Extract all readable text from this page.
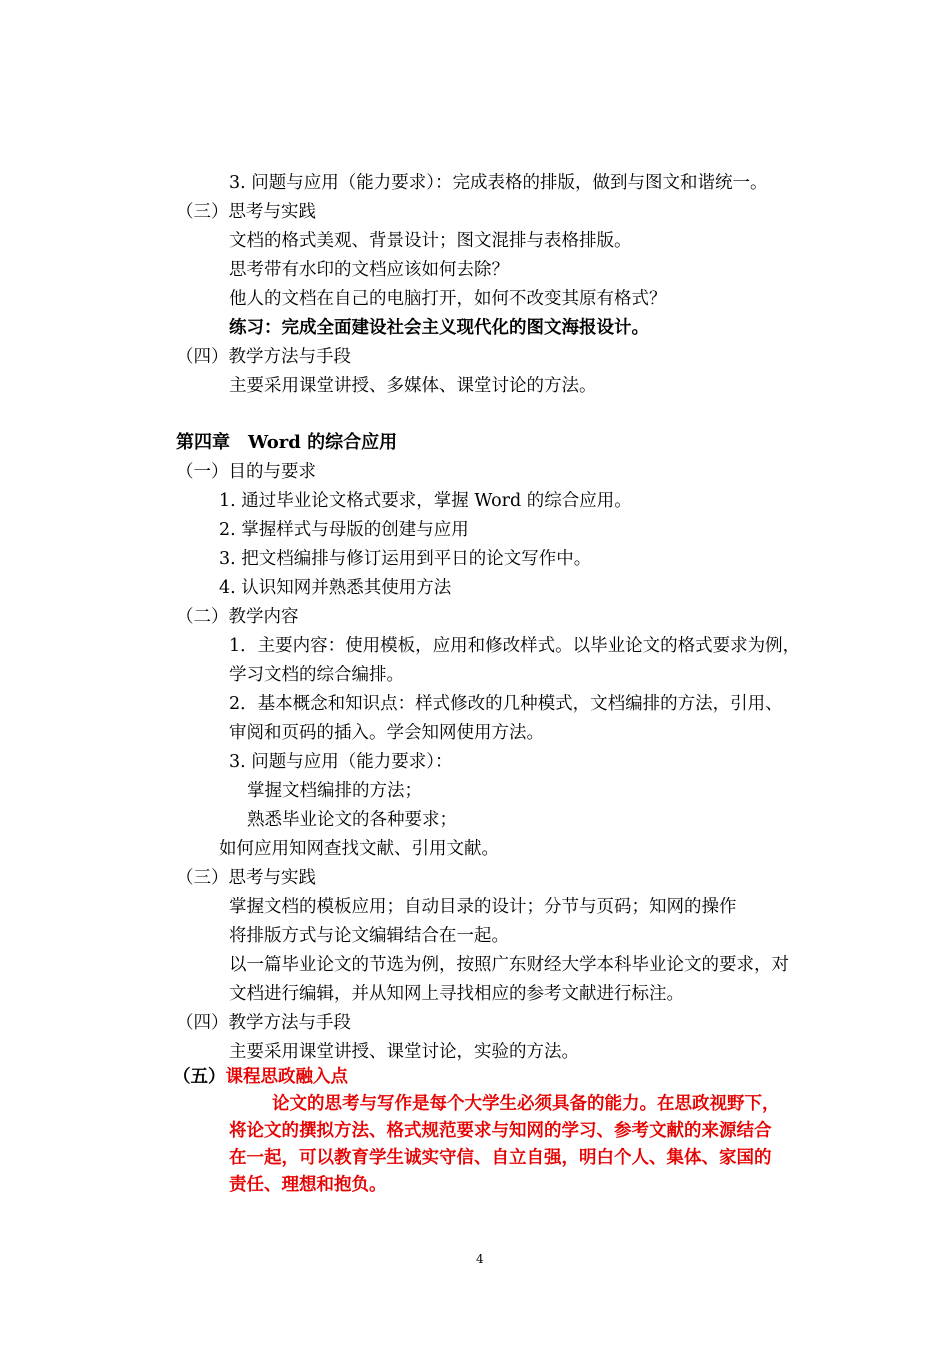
3. 问题与应用（能力要求）：完成表格的排版，做到与图文和谐统一。
（三）思考与实践
文档的格式美观、背景设计；图文混排与表格排版。
思考带有水印的文档应该如何去除？
他人的文档在自己的电脑打开，如何不改变其原有格式？
练习：完成全面建设社会主义现代化的图文海报设计。
（四）教学方法与手段
主要采用课堂讲授、多媒体、课堂讨论的方法。
第四章　Word 的综合应用
（一）目的与要求
1. 通过毕业论文格式要求，掌握 Word 的综合应用。
2. 掌握样式与母版的创建与应用
3. 把文档编排与修订运用到平日的论文写作中。
4. 认识知网并熟悉其使用方法
（二）教学内容
1．主要内容：使用模板，应用和修改样式。以毕业论文的格式要求为例，
学习文档的综合编排。
2．基本概念和知识点：样式修改的几种模式，文档编排的方法，引用、
审阅和页码的插入。学会知网使用方法。
3. 问题与应用（能力要求）：
掌握文档编排的方法；
熟悉毕业论文的各种要求；
如何应用知网查找文献、引用文献。
（三）思考与实践
掌握文档的模板应用；自动目录的设计；分节与页码；知网的操作
将排版方式与论文编辑结合在一起。
以一篇毕业论文的节选为例，按照广东财经大学本科毕业论文的要求，对
文档进行编辑，并从知网上寻找相应的参考文献进行标注。
（四）教学方法与手段
主要采用课堂讲授、课堂讨论，实验的方法。
（五）课程思政融入点
论文的思考与写作是每个大学生必须具备的能力。在思政视野下，
将论文的撰拟方法、格式规范要求与知网的学习、参考文献的来源结合
在一起，可以教育学生诚实守信、自立自强，明白个人、集体、家国的
责任、理想和抱负。
4
